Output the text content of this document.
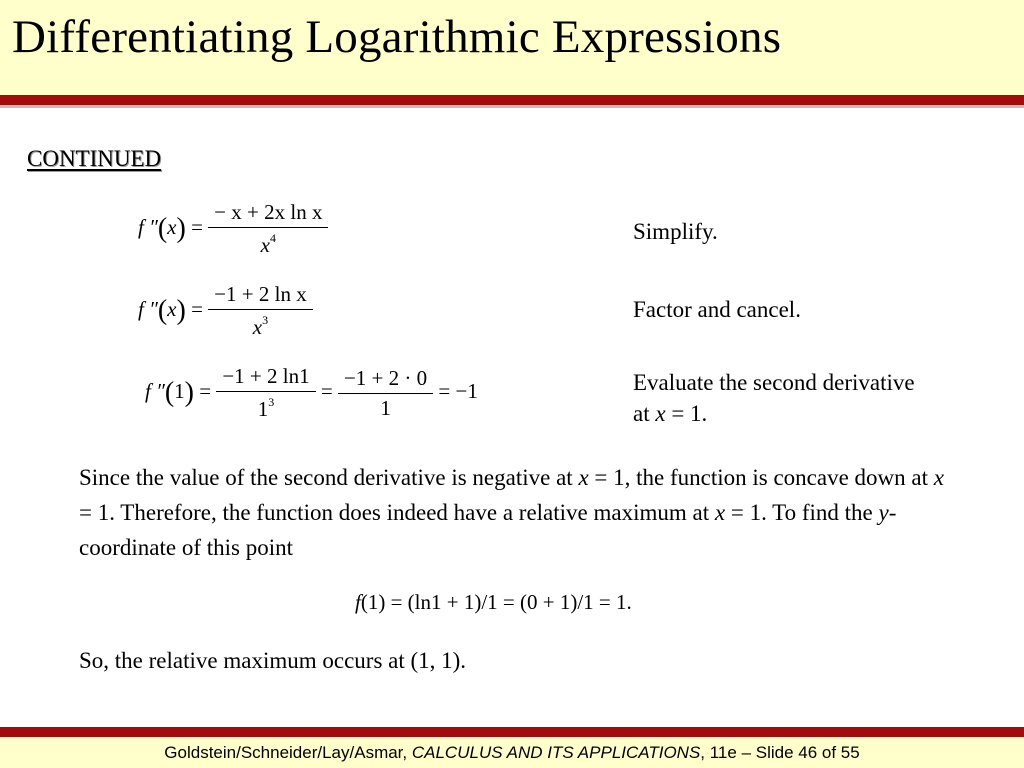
Differentiating Logarithmic Expressions
CONTINUED
f $''(x) = \frac{\text{− x + 2x ln x}}{x^4}$	Simplify.
f $''(x) = \frac{\text{−1 + 2 ln x}}{x^3}$	Factor and cancel.
f $''(1) = \frac{-1 + 2 \ln 1}{1^3} = \frac{-1 + 2 \cdot 0}{1} = -1$	Evaluate the second derivative
at x = 1.
Since the value of the second derivative is negative at x = 1, the function is concave down at x = 1. Therefore, the function does indeed have a relative maximum at x = 1. To find the y-coordinate of this point
f(1) = (ln1 + 1)/1 = (0 + 1)/1 = 1.
So, the relative maximum occurs at (1, 1).
Goldstein/Schneider/Lay/Asmar, CALCULUS AND ITS APPLICATIONS, 11e – Slide 46 of 55
